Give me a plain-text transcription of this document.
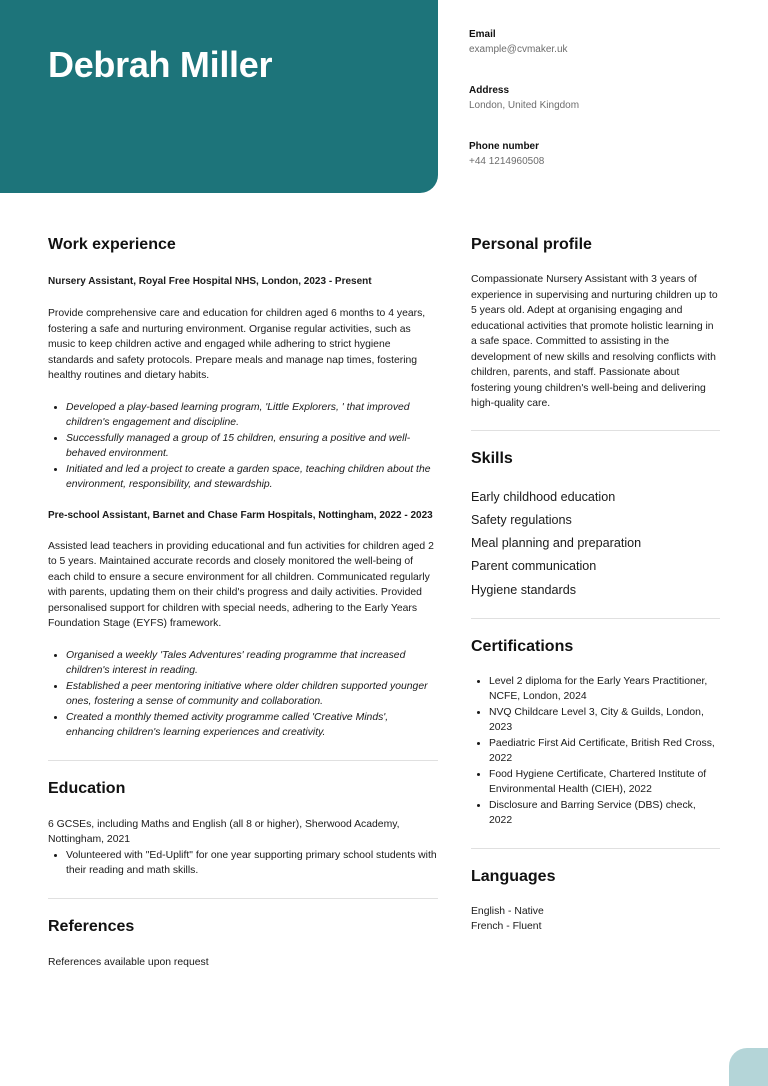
Debrah Miller
Email
example@cvmaker.uk
Address
London, United Kingdom
Phone number
+44 1214960508
Work experience
Nursery Assistant, Royal Free Hospital NHS, London, 2023 - Present

Provide comprehensive care and education for children aged 6 months to 4 years, fostering a safe and nurturing environment. Organise regular activities, such as music to keep children active and engaged while adhering to strict hygiene standards and safety protocols. Prepare meals and manage nap times, fostering healthy routines and dietary habits.

• Developed a play-based learning program, 'Little Explorers, ' that improved children's engagement and discipline.
• Successfully managed a group of 15 children, ensuring a positive and well-behaved environment.
• Initiated and led a project to create a garden space, teaching children about the environment, responsibility, and stewardship.
Pre-school Assistant, Barnet and Chase Farm Hospitals, Nottingham, 2022 - 2023

Assisted lead teachers in providing educational and fun activities for children aged 2 to 5 years. Maintained accurate records and closely monitored the well-being of each child to ensure a secure environment for all children. Communicated regularly with parents, updating them on their child's progress and daily activities. Provided personalised support for children with special needs, adhering to the Early Years Foundation Stage (EYFS) framework.

• Organised a weekly 'Tales Adventures' reading programme that increased children's interest in reading.
• Established a peer mentoring initiative where older children supported younger ones, fostering a sense of community and collaboration.
• Created a monthly themed activity programme called 'Creative Minds', enhancing children's learning experiences and creativity.
Education

6 GCSEs, including Maths and English (all 8 or higher), Sherwood Academy, Nottingham, 2021

• Volunteered with "Ed-Uplift" for one year supporting primary school students with their reading and math skills.
References

References available upon request

Personal profile

Compassionate Nursery Assistant with 3 years of experience in supervising and nurturing children up to 5 years old. Adept at organising engaging and educational activities that promote holistic learning in a safe space. Committed to assisting in the development of new skills and resolving conflicts with children, parents, and staff. Passionate about fostering young children's well-being and delivering high-quality care.

Skills
Early childhood education
Safety regulations
Meal planning and preparation
Parent communication
Hygiene standards
Certifications
• Level 2 diploma for the Early Years Practitioner, NCFE, London, 2024
• NVQ Childcare Level 3, City & Guilds, London, 2023
• Paediatric First Aid Certificate, British Red Cross, 2022
• Food Hygiene Certificate, Chartered Institute of Environmental Health (CIEH), 2022
• Disclosure and Barring Service (DBS) check, 2022
Languages
English - Native
French - Fluent
